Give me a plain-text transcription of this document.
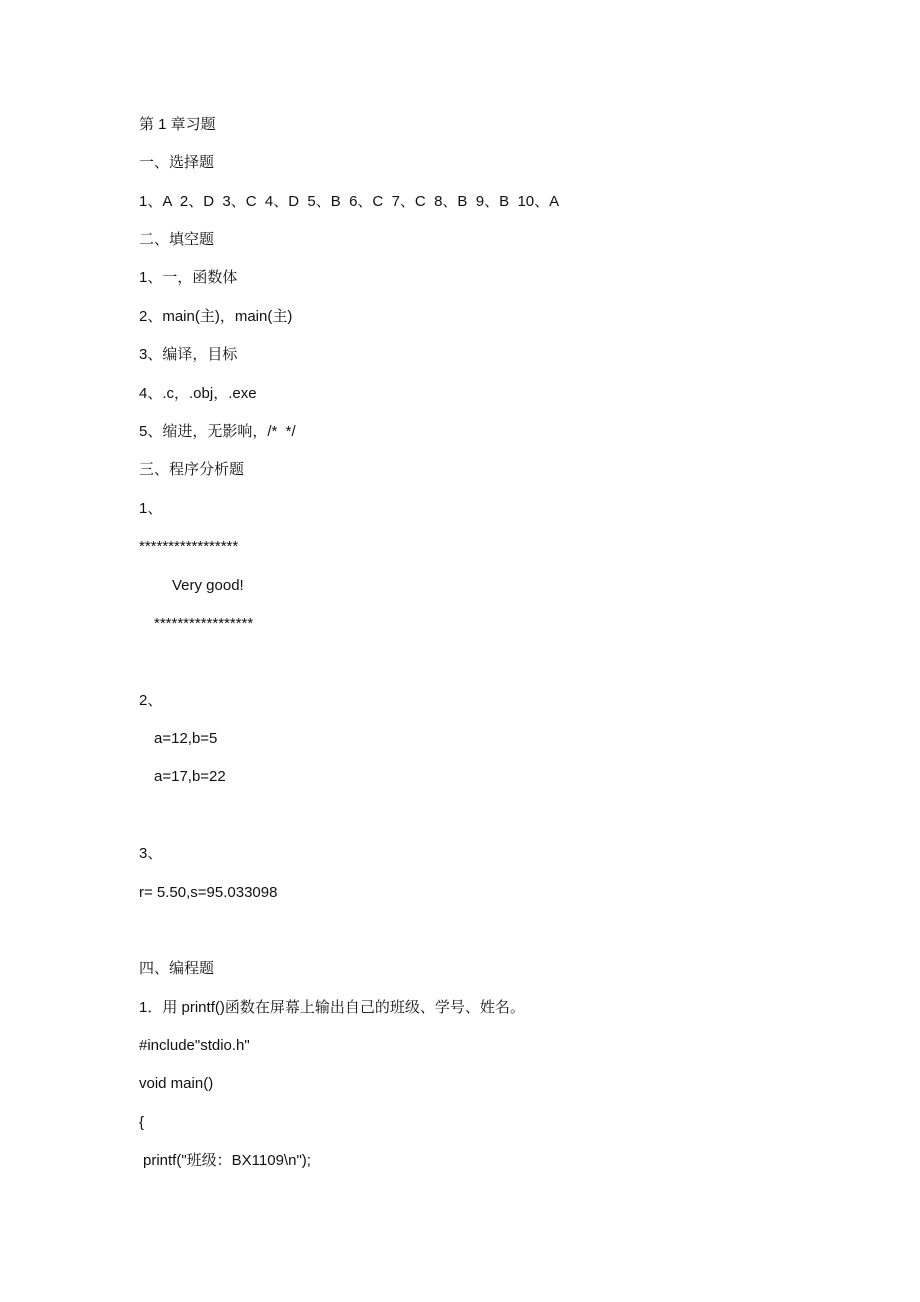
第 1 章习题
一、选择题
1、A  2、D  3、C  4、D  5、B  6、C  7、C  8、B  9、B  10、A
二、填空题
1、一，函数体
2、main(主)，main(主)
3、编译，目标
4、.c，.obj，.exe
5、缩进，无影响，/*  */
三、程序分析题
1、
*****************
Very good!
*****************
2、
a=12,b=5
a=17,b=22
3、
r= 5.50,s=95.033098
四、编程题
1．用 printf()函数在屏幕上输出自己的班级、学号、姓名。
#include"stdio.h"
void main()
{
printf("班级：BX1109\n");
